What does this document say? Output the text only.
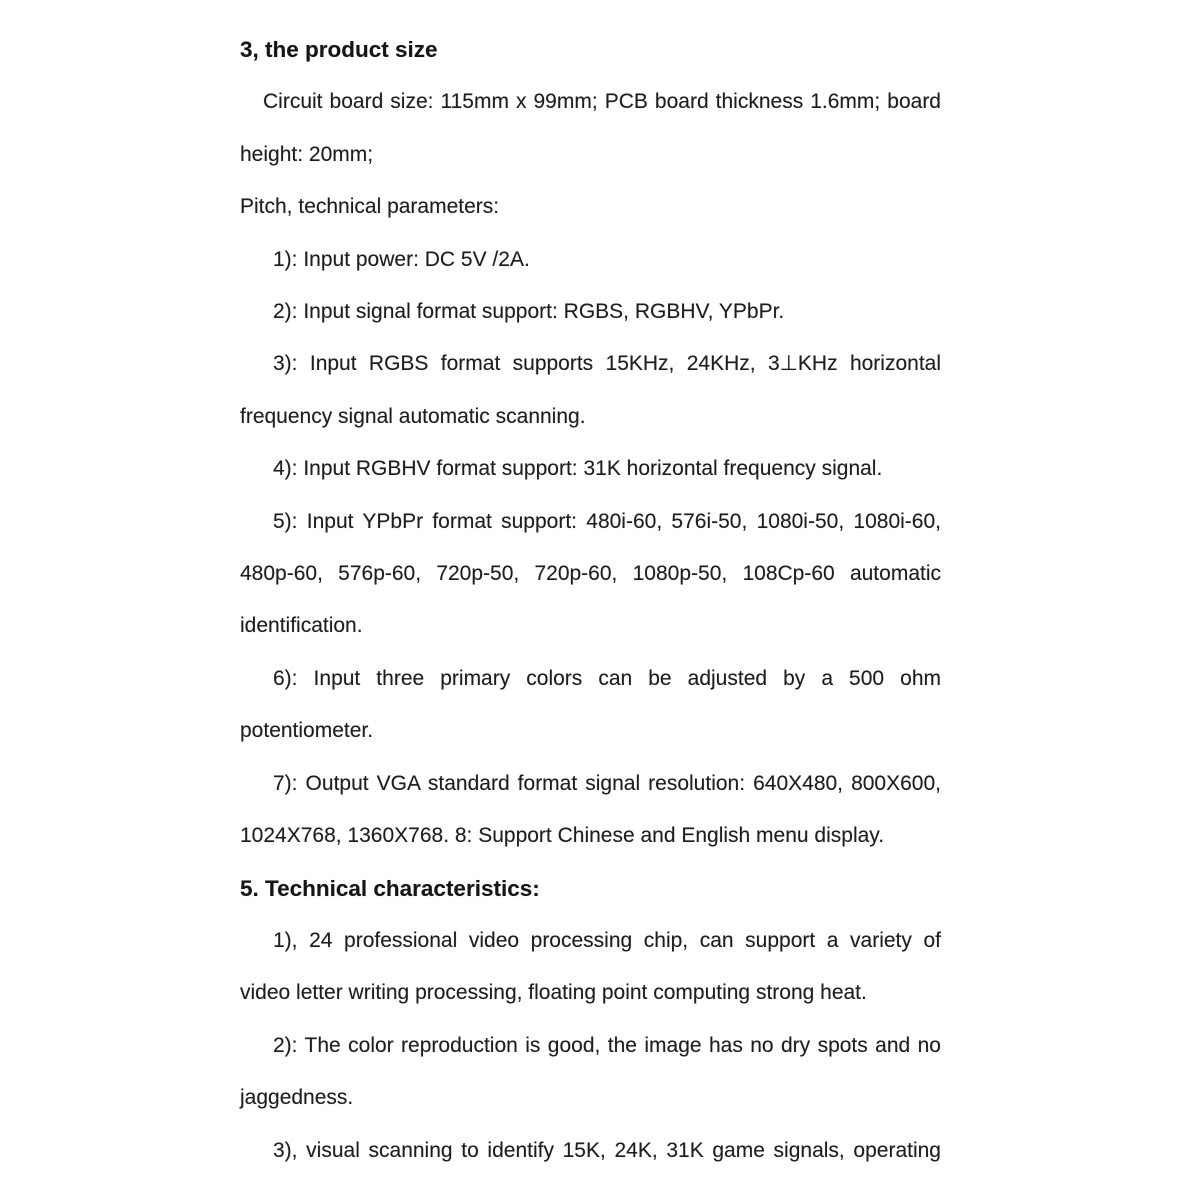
3, the product size
Circuit board size: 115mm x 99mm; PCB board thickness 1.6mm; board
height: 20mm;
Pitch, technical parameters:
1): Input power: DC 5V /2A.
2): Input signal format support: RGBS, RGBHV, YPbPr.
3): Input RGBS format supports 15KHz, 24KHz, 3⊥KHz horizontal
frequency signal automatic scanning.
4): Input RGBHV format support: 31K horizontal frequency signal.
5): Input YPbPr format support: 480i-60, 576i-50, 1080i-50, 1080i-60,
480p-60, 576p-60, 720p-50, 720p-60, 1080p-50, 108Cp-60 automatic
identification.
6): Input three primary colors can be adjusted by a 500 ohm
potentiometer.
7): Output VGA standard format signal resolution: 640X480, 800X600,
1024X768, 1360X768. 8: Support Chinese and English menu display.
5. Technical characteristics:
1), 24 professional video processing chip, can support a variety of
video letter writing processing, floating point computing strong heat.
2): The color reproduction is good, the image has no dry spots and no
jaggedness.
3), visual scanning to identify 15K, 24K, 31K game signals, operating
